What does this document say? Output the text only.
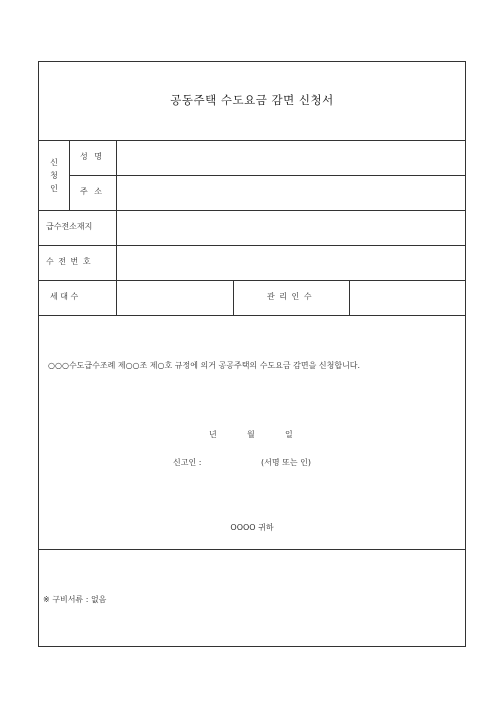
공동주택 수도요금 감면 신청서
신청인
성 명
주 소
급수전소재지
수 전 번 호
세 대 수	관 리 인 수
○○○수도급수조례 제○○조 제○호 규정에 의거 공공주택의 수도요금 감면을 신청합니다.
년	월	일
신고인 :	(서명 또는 인)
OOOO 귀하
※ 구비서류 : 없음
